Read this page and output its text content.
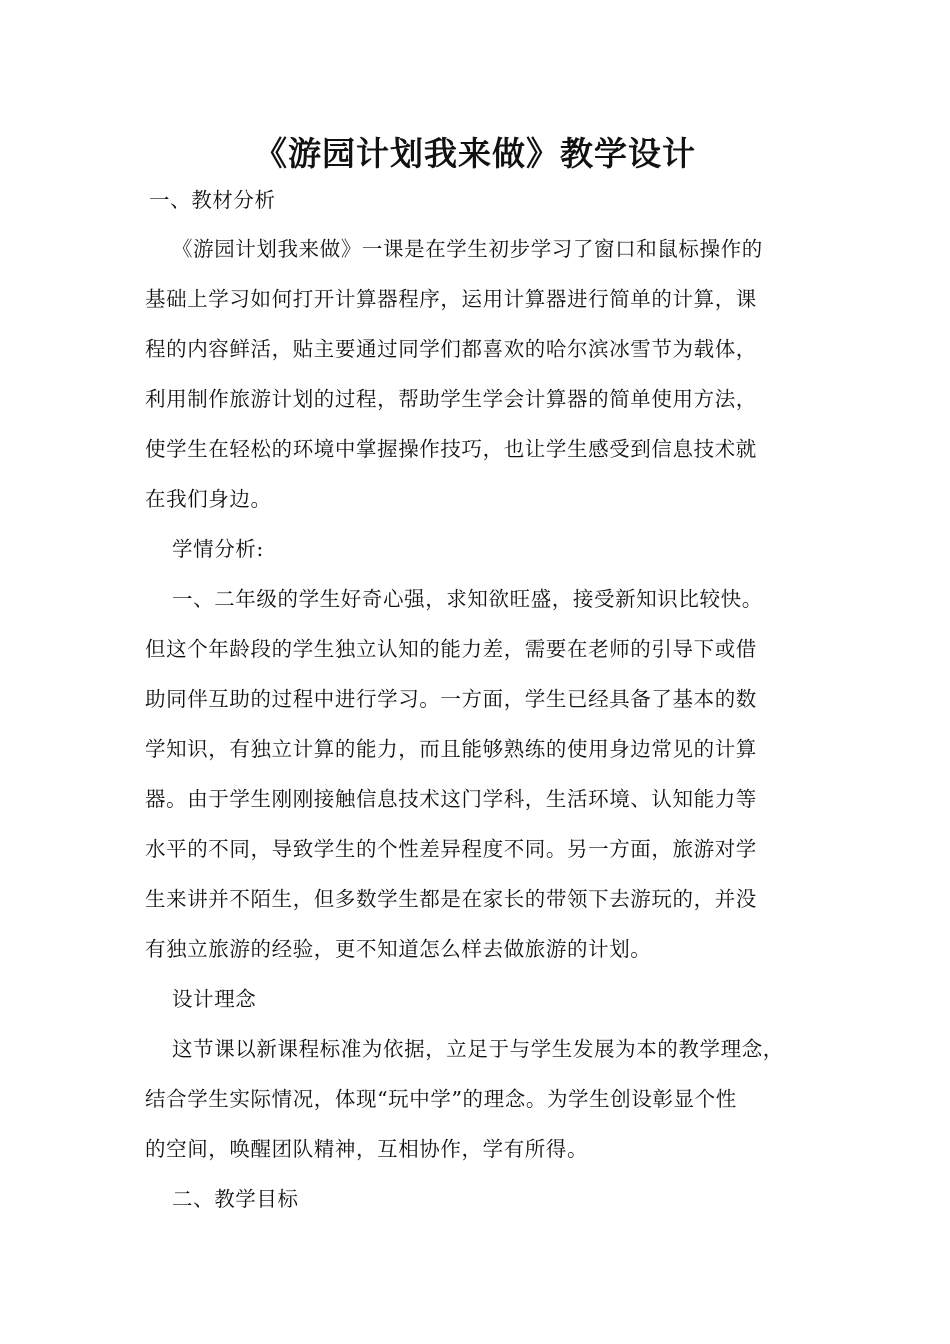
《游园计划我来做》教学设计
一、教材分析
《游园计划我来做》一课是在学生初步学习了窗口和鼠标操作的
基础上学习如何打开计算器程序，运用计算器进行简单的计算，课
程的内容鲜活，贴主要通过同学们都喜欢的哈尔滨冰雪节为载体，
利用制作旅游计划的过程，帮助学生学会计算器的简单使用方法，
使学生在轻松的环境中掌握操作技巧，也让学生感受到信息技术就
在我们身边。
学情分析:
一、二年级的学生好奇心强，求知欲旺盛，接受新知识比较快。
但这个年龄段的学生独立认知的能力差，需要在老师的引导下或借
助同伴互助的过程中进行学习。一方面，学生已经具备了基本的数
学知识，有独立计算的能力，而且能够熟练的使用身边常见的计算
器。由于学生刚刚接触信息技术这门学科，生活环境、认知能力等
水平的不同，导致学生的个性差异程度不同。另一方面，旅游对学
生来讲并不陌生，但多数学生都是在家长的带领下去游玩的，并没
有独立旅游的经验，更不知道怎么样去做旅游的计划。
设计理念
这节课以新课程标准为依据，立足于与学生发展为本的教学理念，
结合学生实际情况，体现“玩中学”的理念。为学生创设彰显个性
的空间，唤醒团队精神，互相协作，学有所得。
二、教学目标
